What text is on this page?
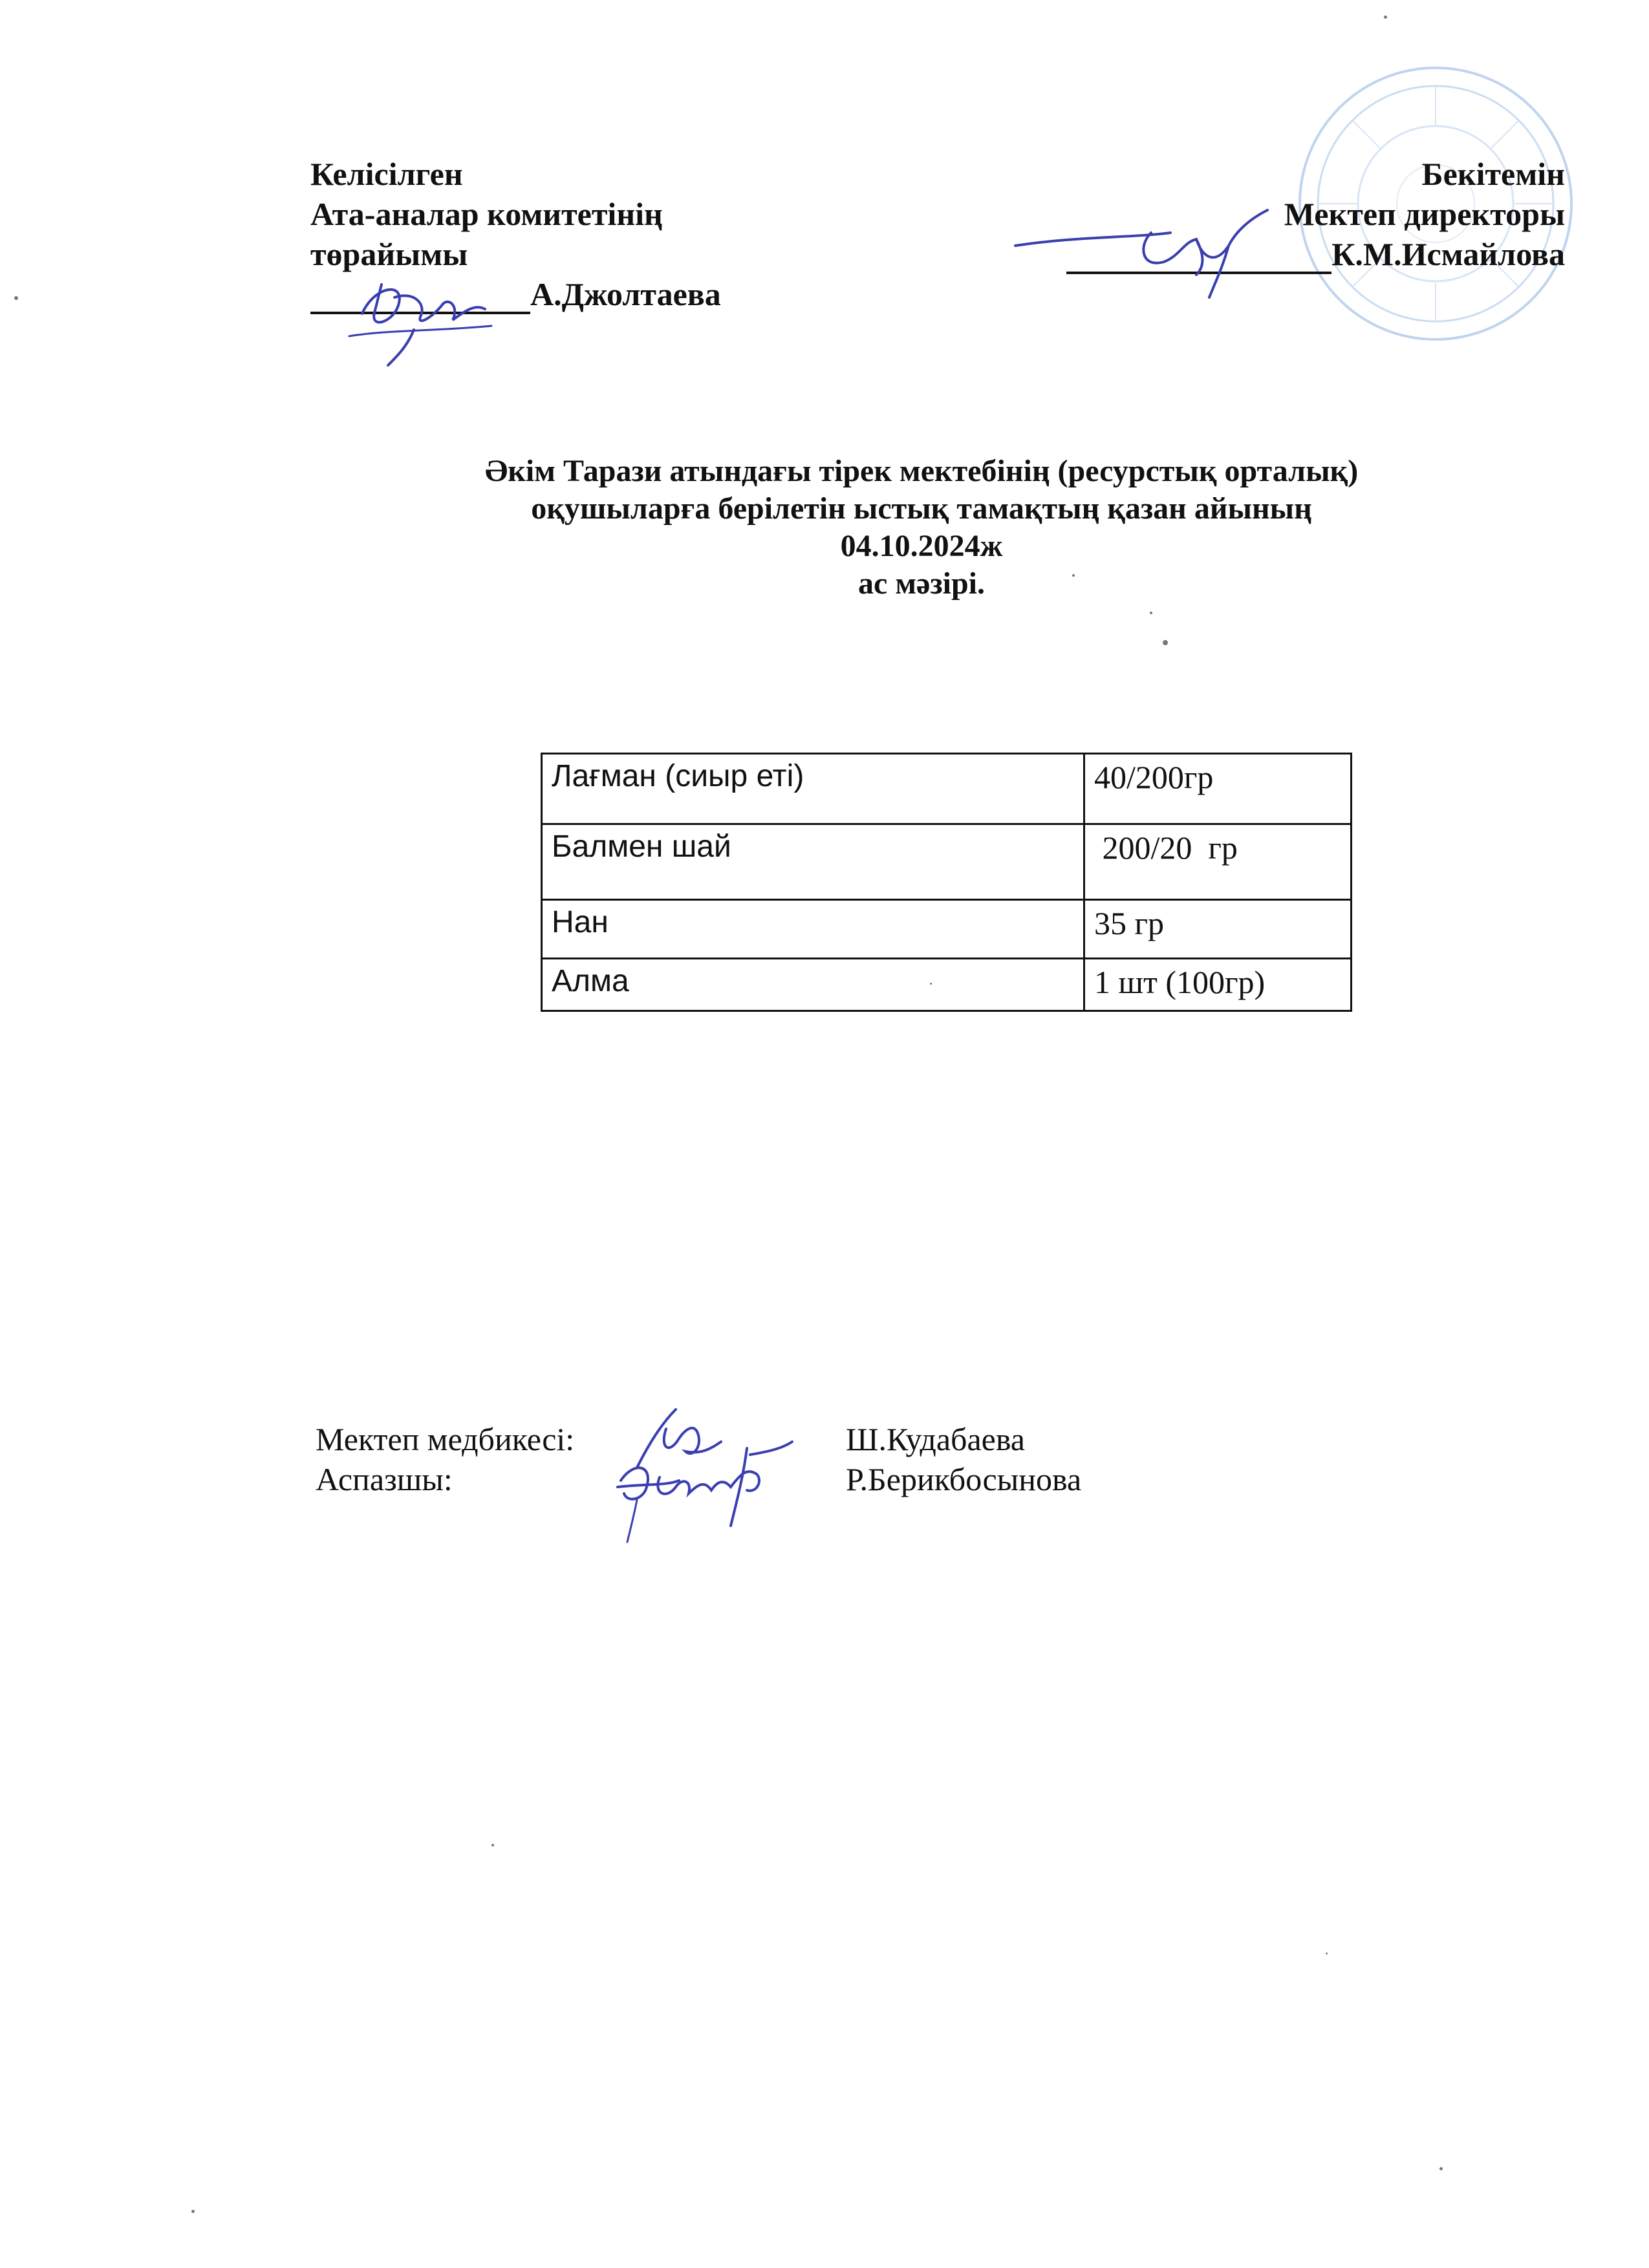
Келісілген
Ата-аналар комитетінің
төрайымы
А.Джолтаева
Бекітемін
Мектеп директоры
К.М.Исмайлова
Әкім Тарази атындағы тірек мектебінің (ресурстық орталық)
оқушыларға берілетін ыстық тамақтың қазан айының
04.10.2024ж
ас мәзірі.
Лағман (сиыр еті)	40/200гр
Балмен шай	200/20  гр
Нан	35 гр
Алма	1 шт (100гр)
Мектеп медбикесі:	Ш.Кудабаева
Аспазшы:	Р.Берикбосынова
